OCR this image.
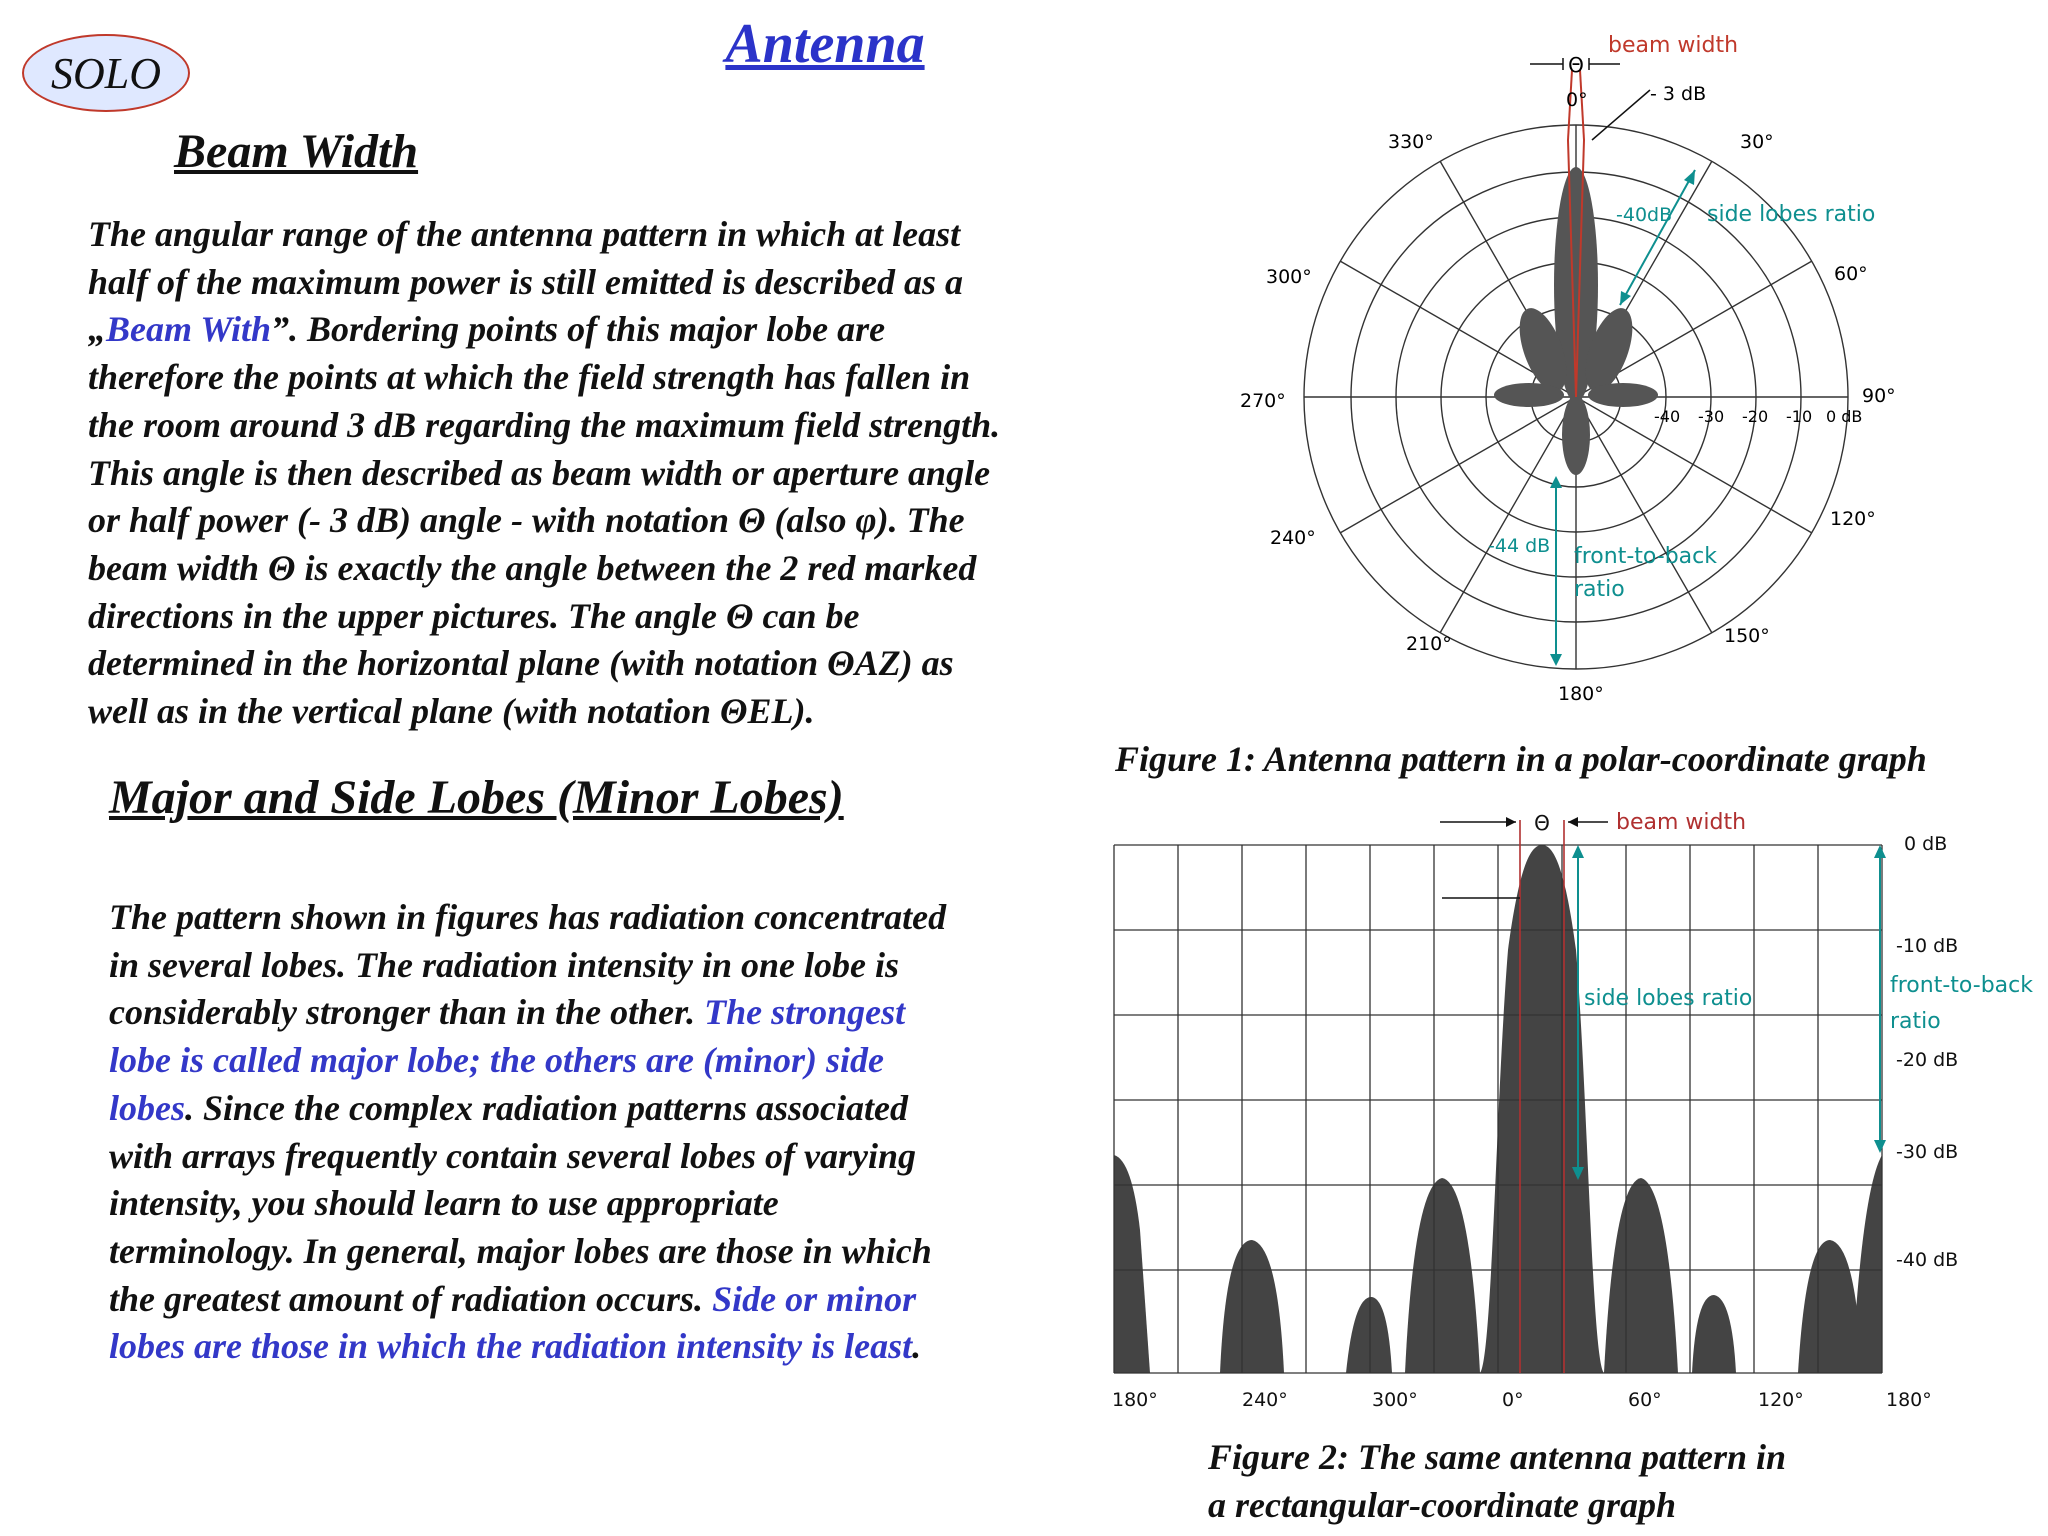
SOLO	Antenna
Beam Width
The angular range of the antenna pattern in which at least
half of the maximum power is still emitted is described as a
„Beam With”. Bordering points of this major lobe are
therefore the points at which the field strength has fallen in
the room around 3 dB regarding the maximum field strength.
This angle is then described as beam width or aperture angle
or half power (- 3 dB) angle - with notation Θ (also φ). The
beam width Θ is exactly the angle between the 2 red marked
directions in the upper pictures. The angle Θ can be
determined in the horizontal plane (with notation ΘAZ) as
well as in the vertical plane (with notation ΘEL).
Major and Side Lobes (Minor Lobes)
The pattern shown in figures has radiation concentrated
in several lobes. The radiation intensity in one lobe is
considerably stronger than in the other. The strongest
lobe is called major lobe; the others are (minor) side
lobes. Since the complex radiation patterns associated
with arrays frequently contain several lobes of varying
intensity, you should learn to use appropriate
terminology. In general, major lobes are those in which
the greatest amount of radiation occurs. Side or minor
lobes are those in which the radiation intensity is least.
Θ
beam width
0°	- 3 dB
330°	30°
300°	60°
270°	90°
240°
120°
210°	150°
180°
-40 -30 -20 -10 0 dB
-40dB side lobes ratio
-44 dB front-to-back
ratio
Figure 1: Antenna pattern in a polar-coordinate graph
Θ	beam width
side lobes ratio
front-to-back
ratio
0 dB
-10 dB
-20 dB
-30 dB
-40 dB
180°	240°	300°	0°	60°	120°	180°
Figure 2: The same antenna pattern in
a rectangular-coordinate graph
